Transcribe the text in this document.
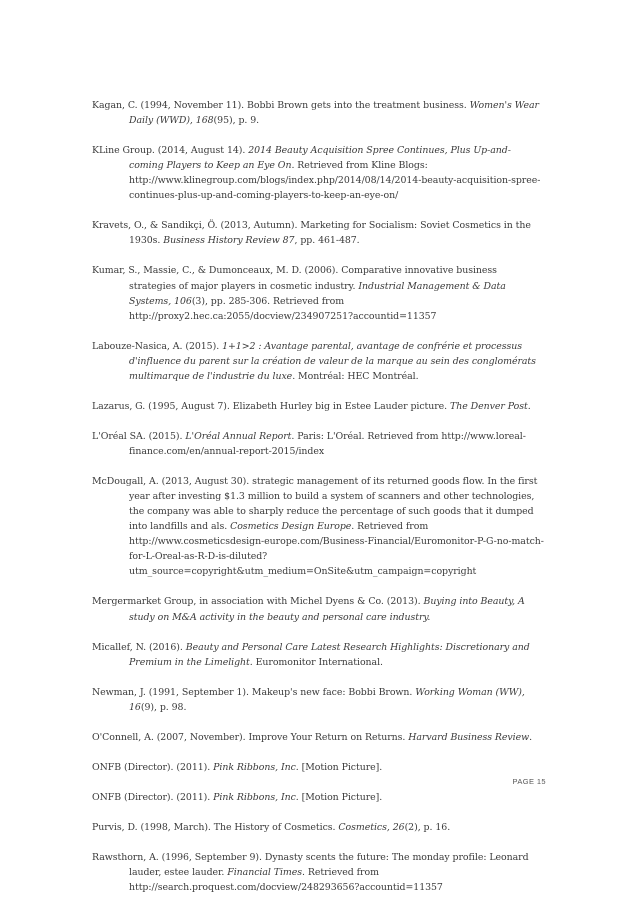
Kagan, C. (1994, November 11). Bobbi Brown gets into the treatment business. Women's Wear Daily (WWD), 168(95), p. 9.
KLine Group. (2014, August 14). 2014 Beauty Acquisition Spree Continues, Plus Up-and-coming Players to Keep an Eye On. Retrieved from Kline Blogs: http://www.klinegroup.com/blogs/index.php/2014/08/14/2014-beauty-acquisition-spree-continues-plus-up-and-coming-players-to-keep-an-eye-on/
Kravets, O., & Sandikçi, Ö. (2013, Autumn). Marketing for Socialism: Soviet Cosmetics in the 1930s. Business History Review 87, pp. 461-487.
Kumar, S., Massie, C., & Dumonceaux, M. D. (2006). Comparative innovative business strategies of major players in cosmetic industry. Industrial Management & Data Systems, 106(3), pp. 285-306. Retrieved from http://proxy2.hec.ca:2055/docview/234907251?accountid=11357
Labouze-Nasica, A. (2015). 1+1>2 : Avantage parental, avantage de confrérie et processus d'influence du parent sur la création de valeur de la marque au sein des conglomérats multimarque de l'industrie du luxe. Montréal: HEC Montréal.
Lazarus, G. (1995, August 7). Elizabeth Hurley big in Estee Lauder picture. The Denver Post.
L'Oréal SA. (2015). L'Oréal Annual Report. Paris: L'Oréal. Retrieved from http://www.loreal-finance.com/en/annual-report-2015/index
McDougall, A. (2013, August 30). strategic management of its returned goods flow. In the first year after investing $1.3 million to build a system of scanners and other technologies, the company was able to sharply reduce the percentage of such goods that it dumped into landfills and als. Cosmetics Design Europe. Retrieved from http://www.cosmeticsdesign-europe.com/Business-Financial/Euromonitor-P-G-no-match-for-L-Oreal-as-R-D-is-diluted?utm_source=copyright&utm_medium=OnSite&utm_campaign=copyright
Mergermarket Group, in association with Michel Dyens & Co. (2013). Buying into Beauty, A study on M&A activity in the beauty and personal care industry.
Micallef, N. (2016). Beauty and Personal Care Latest Research Highlights: Discretionary and Premium in the Limelight. Euromonitor International.
Newman, J. (1991, September 1). Makeup's new face: Bobbi Brown. Working Woman (WW), 16(9), p. 98.
O'Connell, A. (2007, November). Improve Your Return on Returns. Harvard Business Review.
ONFB (Director). (2011). Pink Ribbons, Inc. [Motion Picture].
ONFB (Director). (2011). Pink Ribbons, Inc. [Motion Picture].
Purvis, D. (1998, March). The History of Cosmetics. Cosmetics, 26(2), p. 16.
Rawsthorn, A. (1996, September 9). Dynasty scents the future: The monday profile: Leonard lauder, estee lauder. Financial Times. Retrieved from http://search.proquest.com/docview/248293656?accountid=11357
PAGE 15
